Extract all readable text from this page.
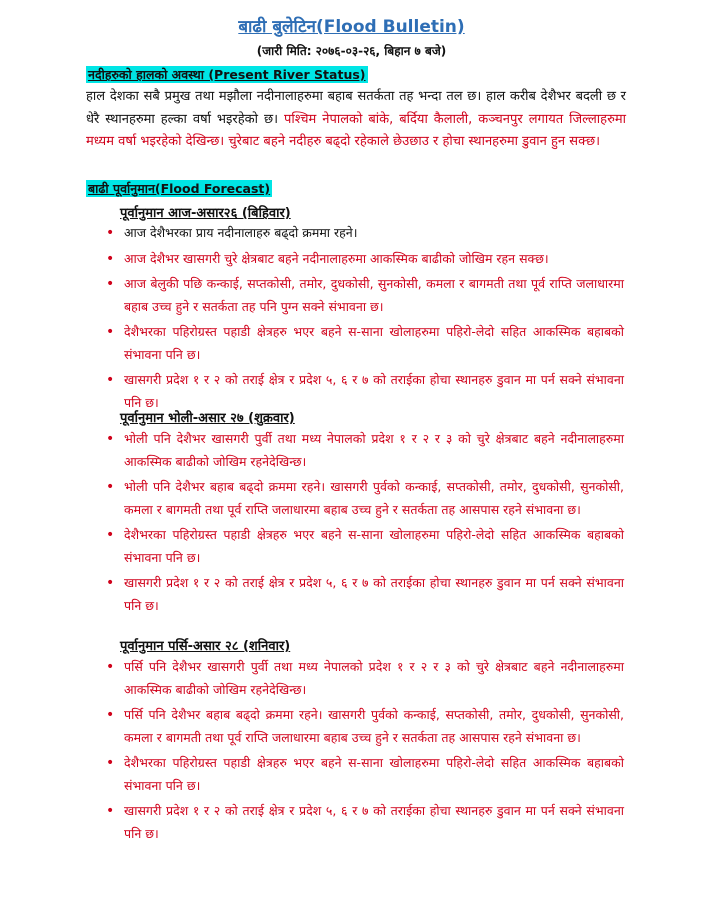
बाढी बुलेटिन(Flood Bulletin)
(जारी मिति: २०७६-०३-२६, बिहान ७ बजे)
नदीहरुको हालको अवस्था (Present River Status)

हाल देशका सबै प्रमुख तथा मझौला नदीनालाहरुमा बहाब सतर्कता तह भन्दा तल छ। हाल करीब देशैभर बदली छ र धेरै स्थानहरुमा हल्का वर्षा भइरहेको छ। पश्चिम नेपालको बांके, बर्दिया कैलाली, कञ्चनपुर लगायत जिल्लाहरुमा मध्यम वर्षा भइरहेको देखिन्छ। चुरेबाट बहने नदीहरु बढ्दो रहेकाले छेउछाउ र होचा स्थानहरुमा डुवान हुन सक्छ।

बाढी पूर्वानुमान(Flood Forecast)
पूर्वानुमान आज-असार२६ (बिहिवार)
• आज देशैभरका प्राय नदीनालाहरु बढ्दो क्रममा रहने।
• आज देशैभर खासगरी चुरे क्षेत्रबाट बहने नदीनालाहरुमा आकस्मिक बाढीको जोखिम रहन सक्छ।
• आज बेलुकी पछि कन्काई, सप्तकोसी, तमोर, दुधकोसी, सुनकोसी, कमला र बागमती तथा पूर्व राप्ति जलाधारमा बहाब उच्च हुने र सतर्कता तह पनि पुग्न सक्ने संभावना छ।
• देशैभरका पहिरोग्रस्त पहाडी क्षेत्रहरु भएर बहने स-साना खोलाहरुमा पहिरो-लेदो सहित आकस्मिक बहाबको संभावना पनि छ।
• खासगरी प्रदेश १ र २ को तराई क्षेत्र र प्रदेश ५, ६ र ७ को तराईका होचा स्थानहरु डुवान मा पर्न सक्ने संभावना पनि छ।
पूर्वानुमान भोली-असार २७ (शुक्रवार)
• भोली पनि देशैभर खासगरी पुर्वी तथा मध्य नेपालको प्रदेश १ र २ र ३ को चुरे क्षेत्रबाट बहने नदीनालाहरुमा आकस्मिक बाढीको जोखिम रहनेदेखिन्छ।
• भोली पनि देशैभर बहाब बढ्दो क्रममा रहने। खासगरी पुर्वको कन्काई, सप्तकोसी, तमोर, दुधकोसी, सुनकोसी, कमला र बागमती तथा पूर्व राप्ति जलाधारमा बहाब उच्च हुने र सतर्कता तह आसपास रहने संभावना छ।
• देशैभरका पहिरोग्रस्त पहाडी क्षेत्रहरु भएर बहने स-साना खोलाहरुमा पहिरो-लेदो सहित आकस्मिक बहाबको संभावना पनि छ।
• खासगरी प्रदेश १ र २ को तराई क्षेत्र र प्रदेश ५, ६ र ७ को तराईका होचा स्थानहरु डुवान मा पर्न सक्ने संभावना पनि छ।
पूर्वानुमान पर्सि-असार २८ (शनिवार)
• पर्सि पनि देशैभर खासगरी पुर्वी तथा मध्य नेपालको प्रदेश १ र २ र ३ को चुरे क्षेत्रबाट बहने नदीनालाहरुमा आकस्मिक बाढीको जोखिम रहनेदेखिन्छ।
• पर्सि पनि देशैभर बहाब बढ्दो क्रममा रहने। खासगरी पुर्वको कन्काई, सप्तकोसी, तमोर, दुधकोसी, सुनकोसी, कमला र बागमती तथा पूर्व राप्ति जलाधारमा बहाब उच्च हुने र सतर्कता तह आसपास रहने संभावना छ।
• देशैभरका पहिरोग्रस्त पहाडी क्षेत्रहरु भएर बहने स-साना खोलाहरुमा पहिरो-लेदो सहित आकस्मिक बहाबको संभावना पनि छ।
• खासगरी प्रदेश १ र २ को तराई क्षेत्र र प्रदेश ५, ६ र ७ को तराईका होचा स्थानहरु डुवान मा पर्न सक्ने संभावना पनि छ।
